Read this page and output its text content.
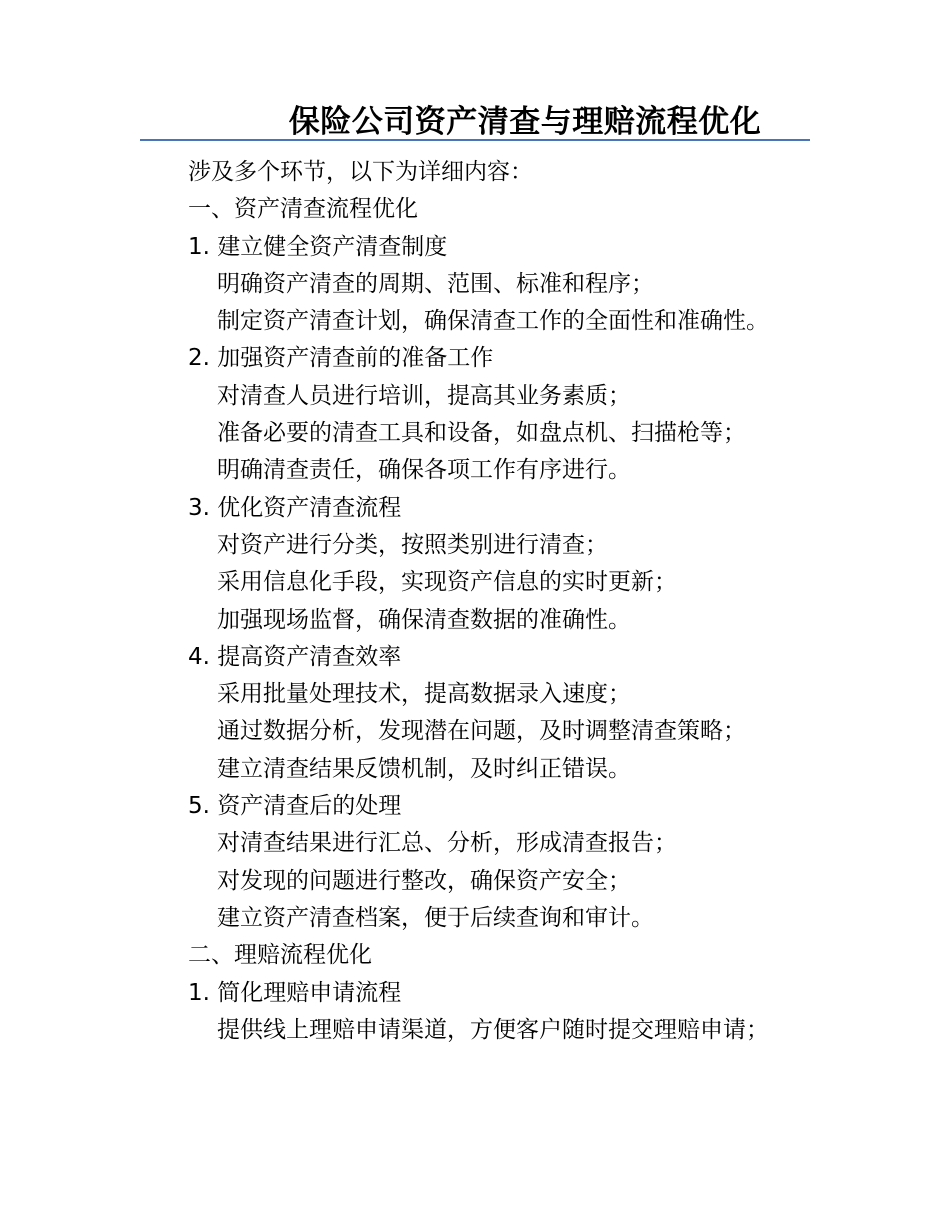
保险公司资产清查与理赔流程优化

涉及多个环节，以下为详细内容：

一、资产清查流程优化

1. 建立健全资产清查制度

明确资产清查的周期、范围、标准和程序；

制定资产清查计划，确保清查工作的全面性和准确性。

2. 加强资产清查前的准备工作

对清查人员进行培训，提高其业务素质；

准备必要的清查工具和设备，如盘点机、扫描枪等；

明确清查责任，确保各项工作有序进行。

3. 优化资产清查流程

对资产进行分类，按照类别进行清查；

采用信息化手段，实现资产信息的实时更新；

加强现场监督，确保清查数据的准确性。

4. 提高资产清查效率

采用批量处理技术，提高数据录入速度；

通过数据分析，发现潜在问题，及时调整清查策略；

建立清查结果反馈机制，及时纠正错误。

5. 资产清查后的处理

对清查结果进行汇总、分析，形成清查报告；

对发现的问题进行整改，确保资产安全；

建立资产清查档案，便于后续查询和审计。

二、理赔流程优化

1. 简化理赔申请流程

提供线上理赔申请渠道，方便客户随时提交理赔申请；
